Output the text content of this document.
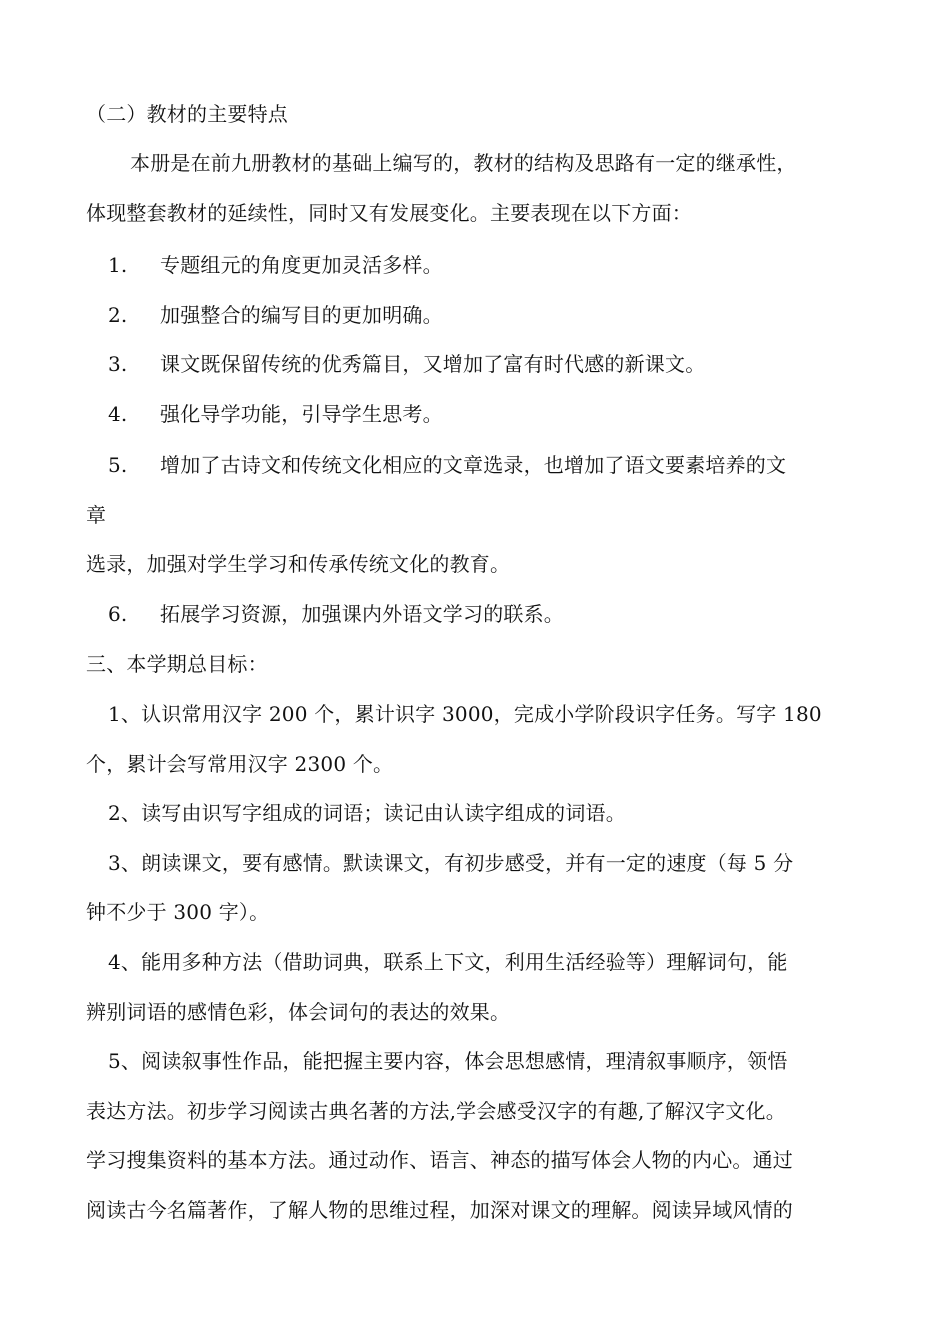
（二）教材的主要特点
本册是在前九册教材的基础上编写的，教材的结构及思路有一定的继承性，
体现整套教材的延续性，同时又有发展变化。主要表现在以下方面：
1. 专题组元的角度更加灵活多样。
2. 加强整合的编写目的更加明确。
3. 课文既保留传统的优秀篇目，又增加了富有时代感的新课文。
4. 强化导学功能，引导学生思考。
5. 增加了古诗文和传统文化相应的文章选录，也增加了语文要素培养的文
章
选录，加强对学生学习和传承传统文化的教育。
6. 拓展学习资源，加强课内外语文学习的联系。
三、本学期总目标：
1、认识常用汉字 200 个，累计识字 3000，完成小学阶段识字任务。写字 180
个，累计会写常用汉字 2300 个。
2、读写由识写字组成的词语；读记由认读字组成的词语。
3、朗读课文，要有感情。默读课文，有初步感受，并有一定的速度（每 5 分
钟不少于 300 字）。
4、能用多种方法（借助词典，联系上下文，利用生活经验等）理解词句，能
辨别词语的感情色彩，体会词句的表达的效果。
5、阅读叙事性作品，能把握主要内容，体会思想感情，理清叙事顺序，领悟
表达方法。初步学习阅读古典名著的方法,学会感受汉字的有趣,了解汉字文化。
学习搜集资料的基本方法。通过动作、语言、神态的描写体会人物的内心。通过
阅读古今名篇著作，了解人物的思维过程，加深对课文的理解。阅读异域风情的
